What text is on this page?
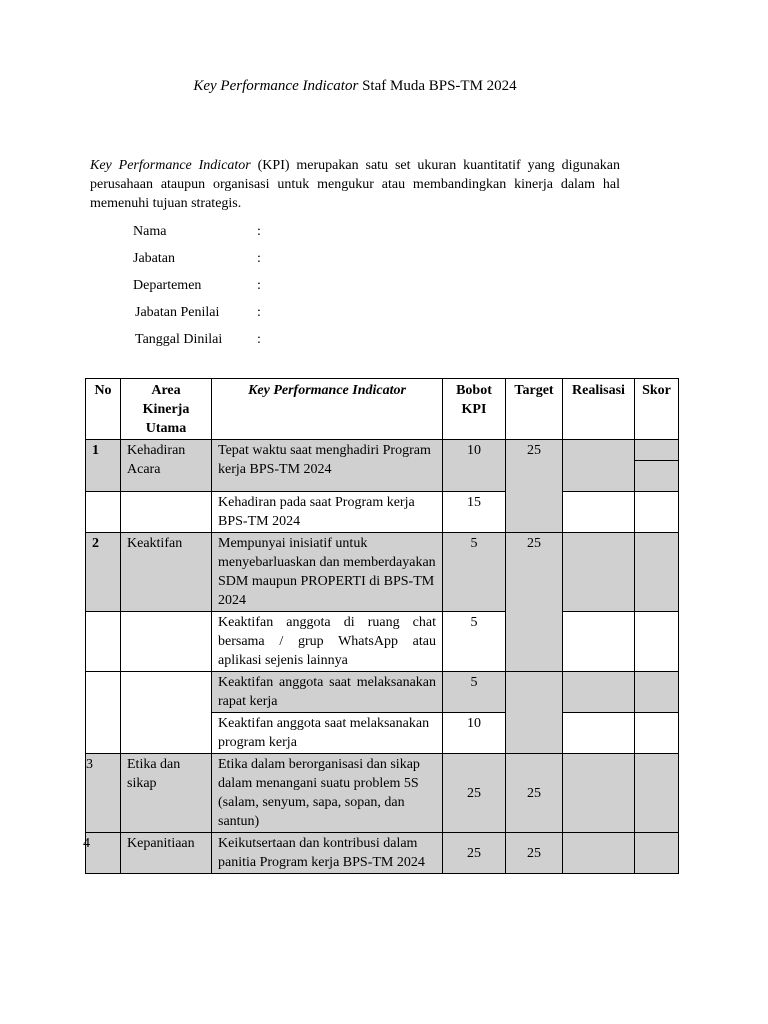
Key Performance Indicator Staf Muda BPS-TM 2024
Key Performance Indicator (KPI) merupakan satu set ukuran kuantitatif yang digunakan perusahaan ataupun organisasi untuk mengukur atau membandingkan kinerja dalam hal memenuhi tujuan strategis.
Nama	:
Jabatan	:
Departemen	:
Jabatan Penilai	:
Tanggal Dinilai :
No	Area Kinerja Utama	Key Performance Indicator	Bobot KPI	Target	Realisasi	Skor
1	Kehadiran Acara	Tepat waktu saat menghadiri Program kerja BPS-TM 2024	10	25		

		Kehadiran pada saat Program kerja BPS-TM 2024	15			
2	Keaktifan	Mempunyai inisiatif untuk menyebarluaskan dan memberdayakan SDM maupun PROPERTI di BPS-TM 2024	5	25		
		Keaktifan anggota di ruang chat bersama / grup WhatsApp atau aplikasi sejenis lainnya	5			
		Keaktifan anggota saat melaksanakan rapat kerja	5			
		Keaktifan anggota saat melaksanakan program kerja	10			
3	Etika dan sikap	Etika dalam berorganisasi dan sikap dalam menangani suatu problem 5S (salam, senyum, sapa, sopan, dan santun)	25	25		
4	Kepanitiaan	Keikutsertaan dan kontribusi dalam panitia Program kerja BPS-TM 2024	25	25		
